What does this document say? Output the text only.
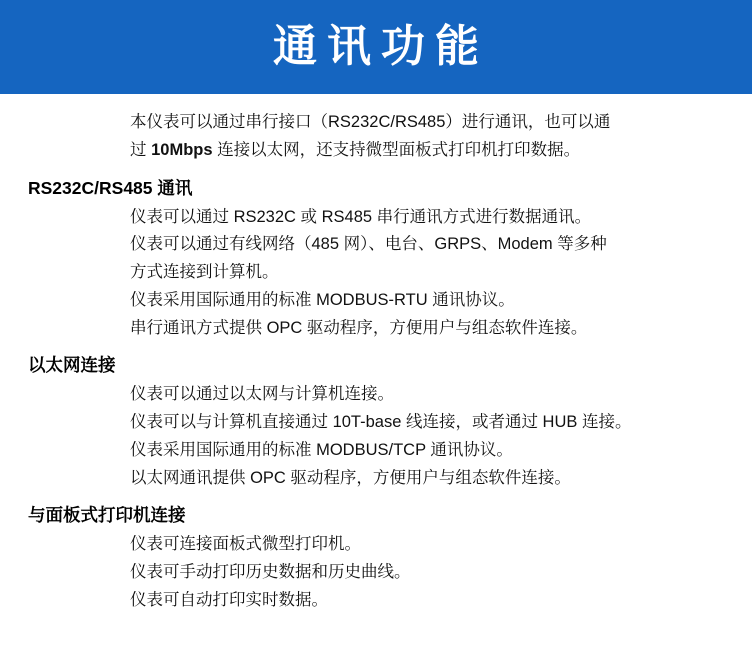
通讯功能
本仪表可以通过串行接口（RS232C/RS485）进行通讯，也可以通
过 10Mbps 连接以太网，还支持微型面板式打印机打印数据。
RS232C/RS485 通讯
仪表可以通过 RS232C 或 RS485 串行通讯方式进行数据通讯。
仪表可以通过有线网络（485 网）、电台、GRPS、Modem 等多种
方式连接到计算机。
仪表采用国际通用的标准 MODBUS-RTU 通讯协议。
串行通讯方式提供 OPC 驱动程序，方便用户与组态软件连接。
以太网连接
仪表可以通过以太网与计算机连接。
仪表可以与计算机直接通过 10T-base 线连接，或者通过 HUB 连接。
仪表采用国际通用的标准 MODBUS/TCP 通讯协议。
以太网通讯提供 OPC 驱动程序，方便用户与组态软件连接。
与面板式打印机连接
仪表可连接面板式微型打印机。
仪表可手动打印历史数据和历史曲线。
仪表可自动打印实时数据。
